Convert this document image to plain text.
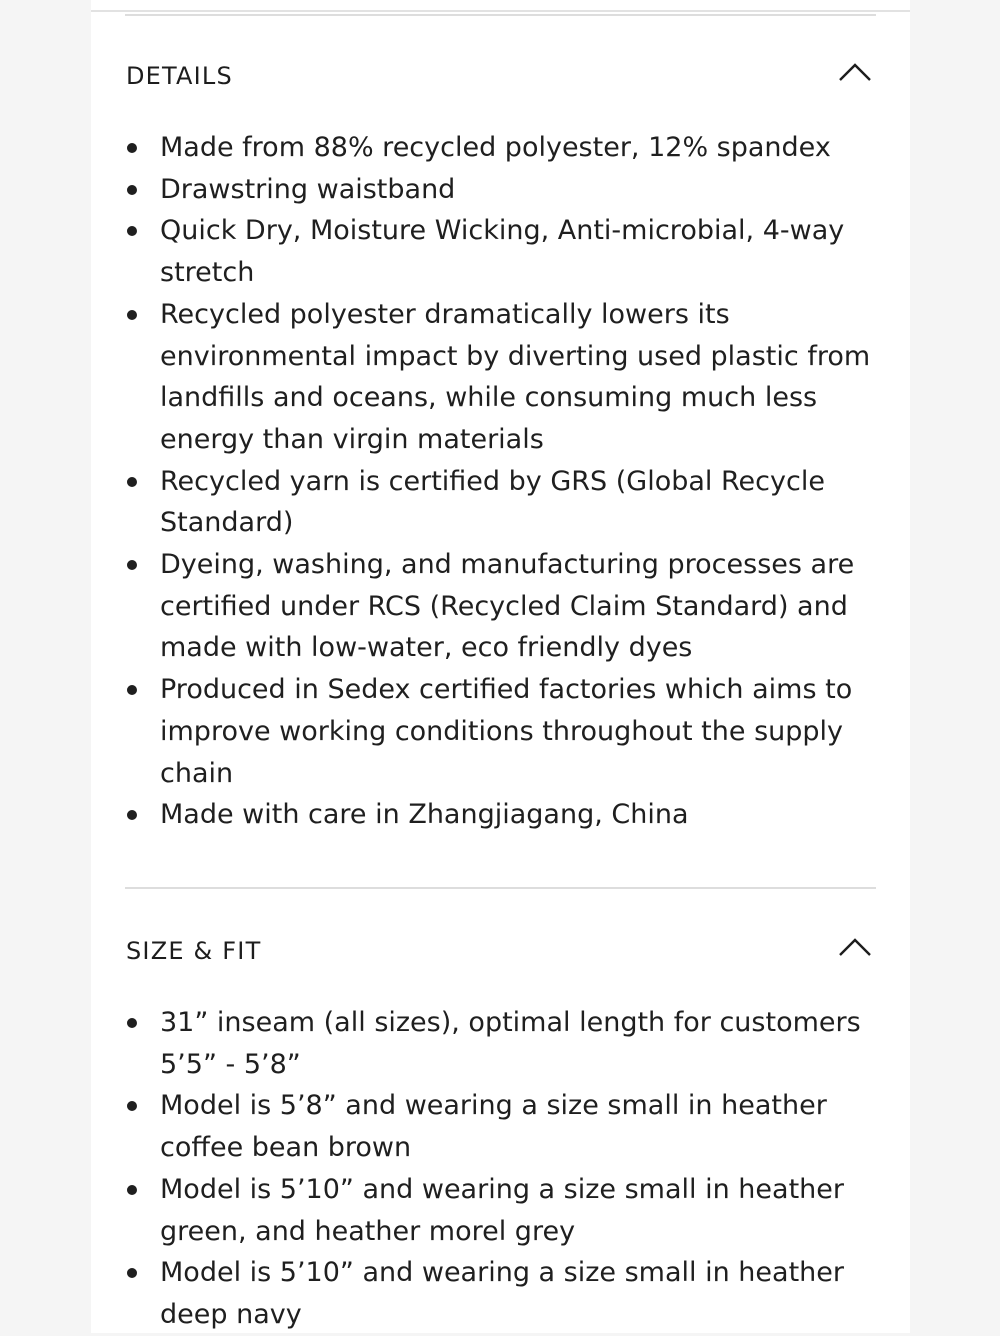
DETAILS
Made from 88% recycled polyester, 12% spandex
Drawstring waistband
Quick Dry, Moisture Wicking, Anti-microbial, 4-way stretch
Recycled polyester dramatically lowers its environmental impact by diverting used plastic from landfills and oceans, while consuming much less energy than virgin materials
Recycled yarn is certified by GRS (Global Recycle Standard)
Dyeing, washing, and manufacturing processes are certified under RCS (Recycled Claim Standard) and made with low-water, eco friendly dyes
Produced in Sedex certified factories which aims to improve working conditions throughout the supply chain
Made with care in Zhangjiagang, China
SIZE & FIT
31” inseam (all sizes), optimal length for customers 5’5” - 5’8”
Model is 5’8” and wearing a size small in heather coffee bean brown
Model is 5’10” and wearing a size small in heather green, and heather morel grey
Model is 5’10” and wearing a size small in heather deep navy
